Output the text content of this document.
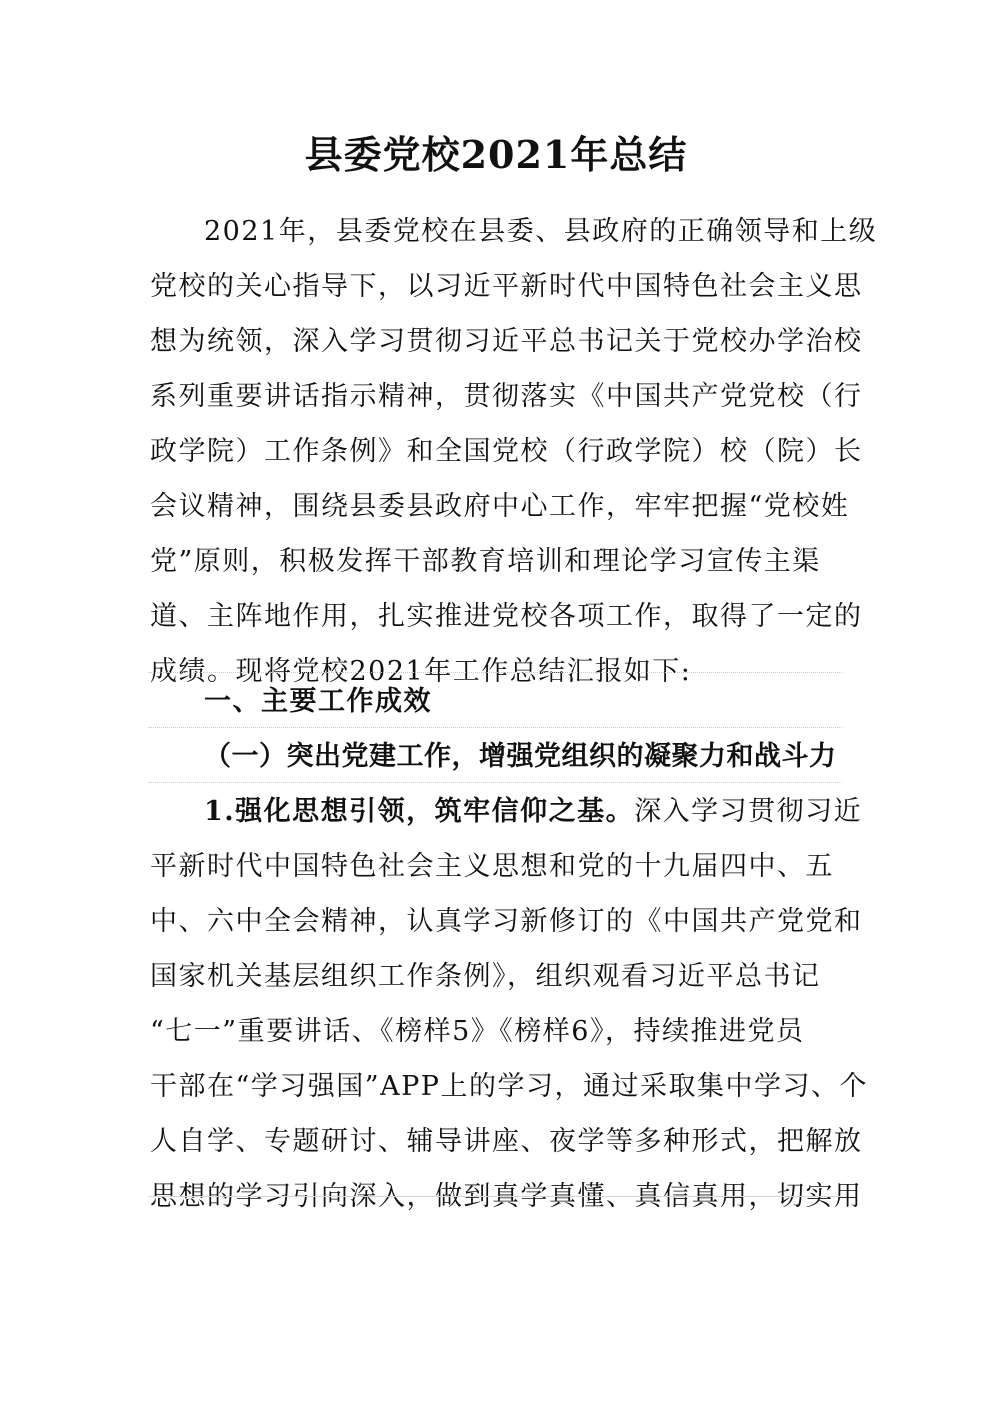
县委党校2021年总结
2021年，县委党校在县委、县政府的正确领导和上级
党校的关心指导下，以习近平新时代中国特色社会主义思
想为统领，深入学习贯彻习近平总书记关于党校办学治校
系列重要讲话指示精神，贯彻落实《中国共产党党校（行
政学院）工作条例》和全国党校（行政学院）校（院）长
会议精神，围绕县委县政府中心工作，牢牢把握“党校姓
党”原则，积极发挥干部教育培训和理论学习宣传主渠
道、主阵地作用，扎实推进党校各项工作，取得了一定的
成绩。现将党校2021年工作总结汇报如下:
一、主要工作成效
（一）突出党建工作，增强党组织的凝聚力和战斗力
1.强化思想引领，筑牢信仰之基。深入学习贯彻习近
平新时代中国特色社会主义思想和党的十九届四中、五
中、六中全会精神，认真学习新修订的《中国共产党党和
国家机关基层组织工作条例》，组织观看习近平总书记
“七一”重要讲话、《榜样5》《榜样6》，持续推进党员
干部在“学习强国”APP上的学习，通过采取集中学习、个
人自学、专题研讨、辅导讲座、夜学等多种形式，把解放
思想的学习引向深入，做到真学真懂、真信真用，切实用
